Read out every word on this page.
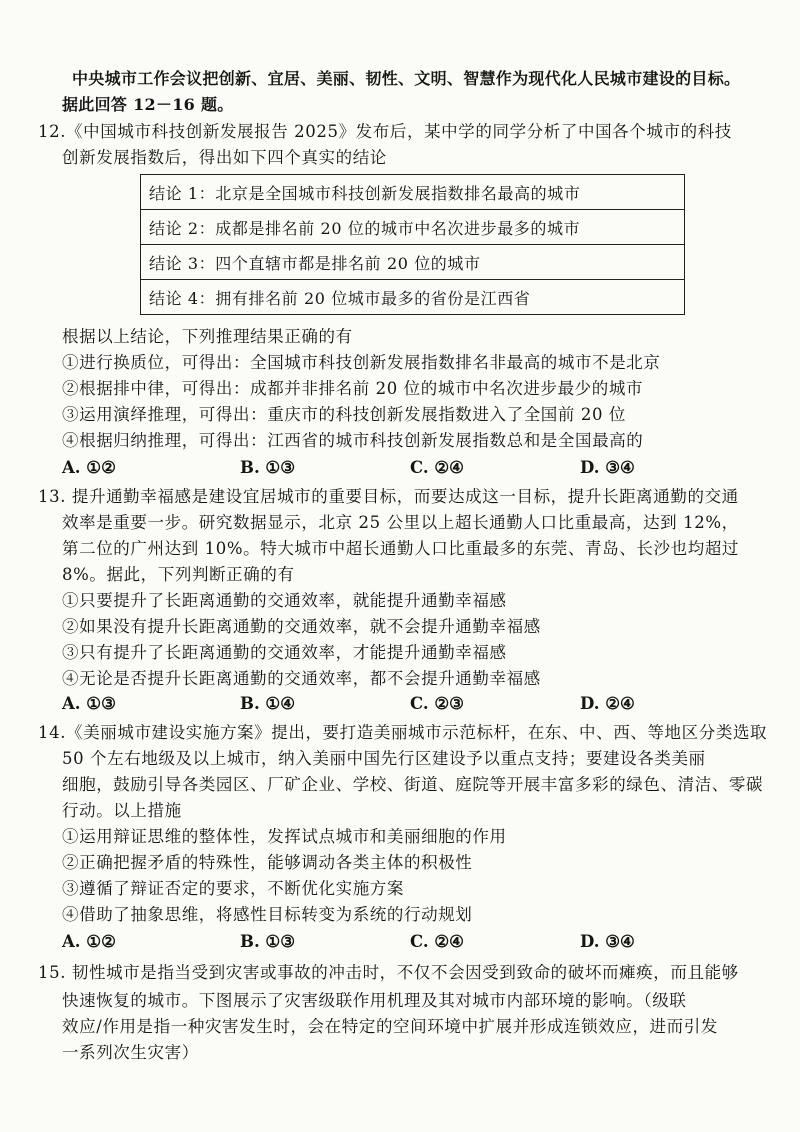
中央城市工作会议把创新、宜居、美丽、韧性、文明、智慧作为现代化人民城市建设的目标。
据此回答 12－16 题。
12.《中国城市科技创新发展报告 2025》发布后，某中学的同学分析了中国各个城市的科技
创新发展指数后，得出如下四个真实的结论
结论 1：北京是全国城市科技创新发展指数排名最高的城市
结论 2：成都是排名前 20 位的城市中名次进步最多的城市
结论 3：四个直辖市都是排名前 20 位的城市
结论 4：拥有排名前 20 位城市最多的省份是江西省
根据以上结论，下列推理结果正确的有
①进行换质位，可得出：全国城市科技创新发展指数排名非最高的城市不是北京
②根据排中律，可得出：成都并非排名前 20 位的城市中名次进步最少的城市
③运用演绎推理，可得出：重庆市的科技创新发展指数进入了全国前 20 位
④根据归纳推理，可得出：江西省的城市科技创新发展指数总和是全国最高的
A. ①②	B. ①③	C. ②④	D. ③④
13. 提升通勤幸福感是建设宜居城市的重要目标，而要达成这一目标，提升长距离通勤的交通
效率是重要一步。研究数据显示，北京 25 公里以上超长通勤人口比重最高，达到 12%，
第二位的广州达到 10%。特大城市中超长通勤人口比重最多的东莞、青岛、长沙也均超过
8%。据此，下列判断正确的有
①只要提升了长距离通勤的交通效率，就能提升通勤幸福感
②如果没有提升长距离通勤的交通效率，就不会提升通勤幸福感
③只有提升了长距离通勤的交通效率，才能提升通勤幸福感
④无论是否提升长距离通勤的交通效率，都不会提升通勤幸福感
A. ①③	B. ①④	C. ②③	D. ②④
14.《美丽城市建设实施方案》提出，要打造美丽城市示范标杆，在东、中、西、等地区分类选取
50 个左右地级及以上城市，纳入美丽中国先行区建设予以重点支持；要建设各类美丽
细胞，鼓励引导各类园区、厂矿企业、学校、街道、庭院等开展丰富多彩的绿色、清洁、零碳
行动。以上措施
①运用辩证思维的整体性，发挥试点城市和美丽细胞的作用
②正确把握矛盾的特殊性，能够调动各类主体的积极性
③遵循了辩证否定的要求，不断优化实施方案
④借助了抽象思维，将感性目标转变为系统的行动规划
A. ①②	B. ①③	C. ②④	D. ③④
15. 韧性城市是指当受到灾害或事故的冲击时，不仅不会因受到致命的破坏而瘫痪，而且能够
快速恢复的城市。下图展示了灾害级联作用机理及其对城市内部环境的影响。（级联
效应/作用是指一种灾害发生时，会在特定的空间环境中扩展并形成连锁效应，进而引发
一系列次生灾害）
